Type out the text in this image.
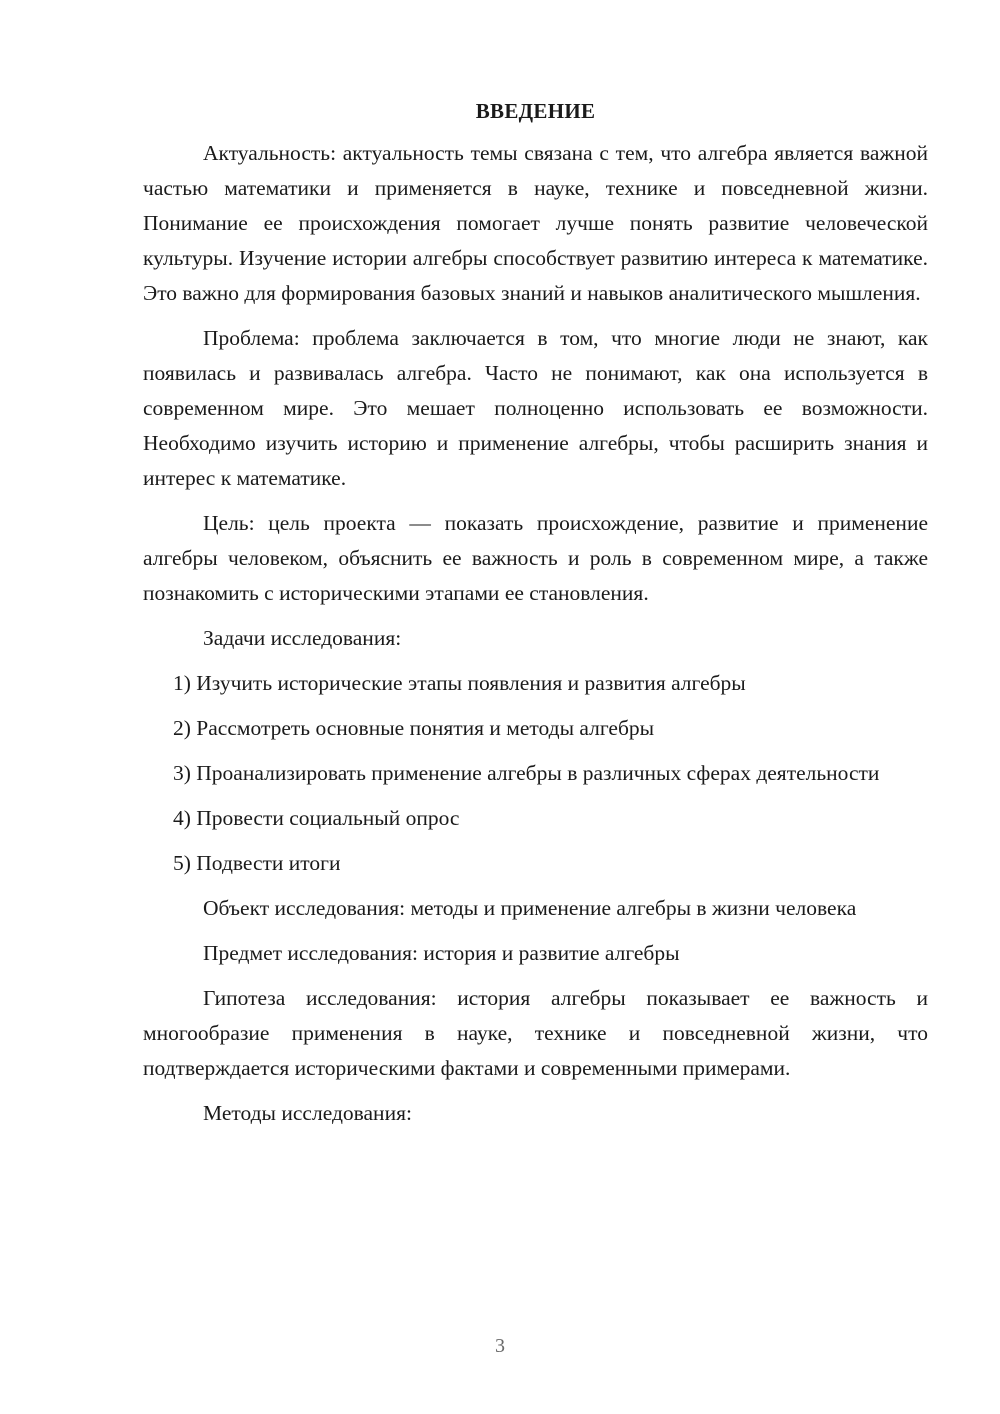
ВВЕДЕНИЕ

Актуальность: актуальность темы связана с тем, что алгебра является важной частью математики и применяется в науке, технике и повседневной жизни. Понимание ее происхождения помогает лучше понять развитие человеческой культуры. Изучение истории алгебры способствует развитию интереса к математике. Это важно для формирования базовых знаний и навыков аналитического мышления.

Проблема: проблема заключается в том, что многие люди не знают, как появилась и развивалась алгебра. Часто не понимают, как она используется в современном мире. Это мешает полноценно использовать ее возможности. Необходимо изучить историю и применение алгебры, чтобы расширить знания и интерес к математике.

Цель: цель проекта — показать происхождение, развитие и применение алгебры человеком, объяснить ее важность и роль в современном мире, а также познакомить с историческими этапами ее становления.

Задачи исследования:

1) Изучить исторические этапы появления и развития алгебры

2) Рассмотреть основные понятия и методы алгебры

3) Проанализировать применение алгебры в различных сферах деятельности

4) Провести социальный опрос

5) Подвести итоги

Объект исследования: методы и применение алгебры в жизни человека

Предмет исследования: история и развитие алгебры

Гипотеза исследования: история алгебры показывает ее важность и многообразие применения в науке, технике и повседневной жизни, что подтверждается историческими фактами и современными примерами.

Методы исследования:

3
